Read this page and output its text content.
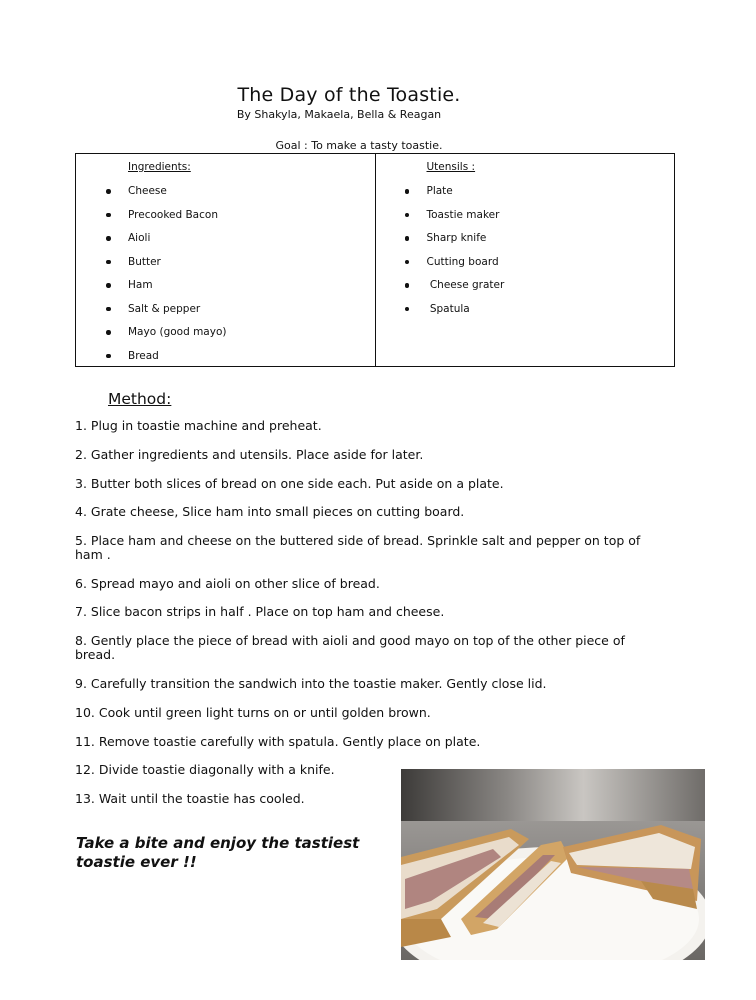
The Day of the Toastie.
By Shakyla, Makaela, Bella & Reagan
Goal : To make a tasty toastie.
Ingredients:
Cheese
Precooked Bacon
Aioli
Butter
Ham
Salt & pepper
Mayo (good mayo)
Bread
Utensils :
Plate
Toastie maker
Sharp knife
Cutting board
Cheese grater
Spatula
Method:

1. Plug in toastie machine and preheat.

2. Gather ingredients and utensils. Place aside for later.

3. Butter both slices of bread on one side each. Put aside on a plate.

4. Grate cheese, Slice ham into small pieces on cutting board.

5. Place ham and cheese on the buttered side of bread. Sprinkle salt and pepper on top of ham .

6. Spread mayo and aioli on other slice of bread.

7. Slice bacon strips in half . Place on top ham and cheese.

8. Gently place the piece of bread with aioli and good mayo on top of the other piece of bread.

9. Carefully transition the sandwich into the toastie maker. Gently close lid.

10. Cook until green light turns on or until golden brown.

11. Remove toastie carefully with spatula. Gently place on plate.

12. Divide toastie diagonally with a knife.

13. Wait until the toastie has cooled.

Take a bite and enjoy the tastiest toastie ever !!
